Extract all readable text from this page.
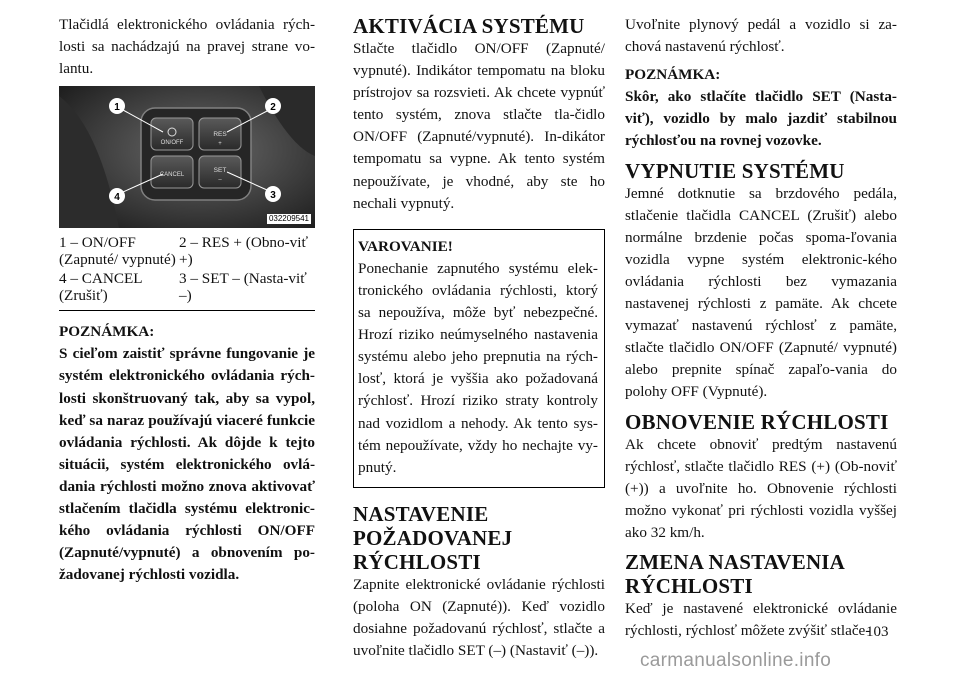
Tlačidlá elektronického ovládania rých-losti sa nachádzajú na pravej strane vo-lantu.

ON/OFF
CANCEL
RES
+
SET
–
1	2
3
4
032209541
1 – ON/OFF (Zapnuté/ vypnuté)
2 – RES + (Obno-viť +)
4 – CANCEL (Zrušiť)
3 – SET – (Nasta-viť –)

POZNÁMKA:

S cieľom zaistiť správne fungovanie je systém elektronického ovládania rých-losti skonštruovaný tak, aby sa vypol, keď sa naraz používajú viaceré funkcie ovládania rýchlosti. Ak dôjde k tejto situácii, systém elektronického ovlá-dania rýchlosti možno znova aktivovať stlačením tlačidla systému elektronic-kého ovládania rýchlosti ON/OFF (Zapnuté/vypnuté) a obnovením po-žadovanej rýchlosti vozidla.

AKTIVÁCIA SYSTÉMU

Stlačte tlačidlo ON/OFF (Zapnuté/ vypnuté). Indikátor tempomatu na bloku prístrojov sa rozsvieti. Ak chcete vypnúť tento systém, znova stlačte tla-čidlo ON/OFF (Zapnuté/vypnuté). In-dikátor tempomatu sa vypne. Ak tento systém nepoužívate, je vhodné, aby ste ho nechali vypnutý.

VAROVANIE!

Ponechanie zapnutého systému elek-tronického ovládania rýchlosti, ktorý sa nepoužíva, môže byť nebezpečné. Hrozí riziko neúmyselného nastavenia systému alebo jeho prepnutia na rých-losť, ktorá je vyššia ako požadovaná rýchlosť. Hrozí riziko straty kontroly nad vozidlom a nehody. Ak tento sys-tém nepoužívate, vždy ho nechajte vy-pnutý.

NASTAVENIE
POŽADOVANEJ
RÝCHLOSTI

Zapnite elektronické ovládanie rýchlosti (poloha ON (Zapnuté)). Keď vozidlo dosiahne požadovanú rýchlosť, stlačte a uvoľnite tlačidlo SET (–) (Nastaviť (–)).

Uvoľnite plynový pedál a vozidlo si za-chová nastavenú rýchlosť.

POZNÁMKA:

Skôr, ako stlačíte tlačidlo SET (Nasta-viť), vozidlo by malo jazdiť stabilnou rýchlosťou na rovnej vozovke.

VYPNUTIE SYSTÉMU

Jemné dotknutie sa brzdového pedála, stlačenie tlačidla CANCEL (Zrušiť) alebo normálne brzdenie počas spoma-ľovania vozidla vypne systém elektronic-kého ovládania rýchlosti bez vymazania nastavenej rýchlosti z pamäte. Ak chcete vymazať nastavenú rýchlosť z pamäte, stlačte tlačidlo ON/OFF (Zapnuté/ vypnuté) alebo prepnite spínač zapaľo-vania do polohy OFF (Vypnuté).

OBNOVENIE RÝCHLOSTI

Ak chcete obnoviť predtým nastavenú rýchlosť, stlačte tlačidlo RES (+) (Ob-noviť (+)) a uvoľnite ho. Obnovenie rýchlosti možno vykonať pri rýchlosti vozidla vyššej ako 32 km/h.

ZMENA NASTAVENIA
RÝCHLOSTI

Keď je nastavené elektronické ovládanie rýchlosti, rýchlosť môžete zvýšiť stlače-

103
carmanualsonline.info
